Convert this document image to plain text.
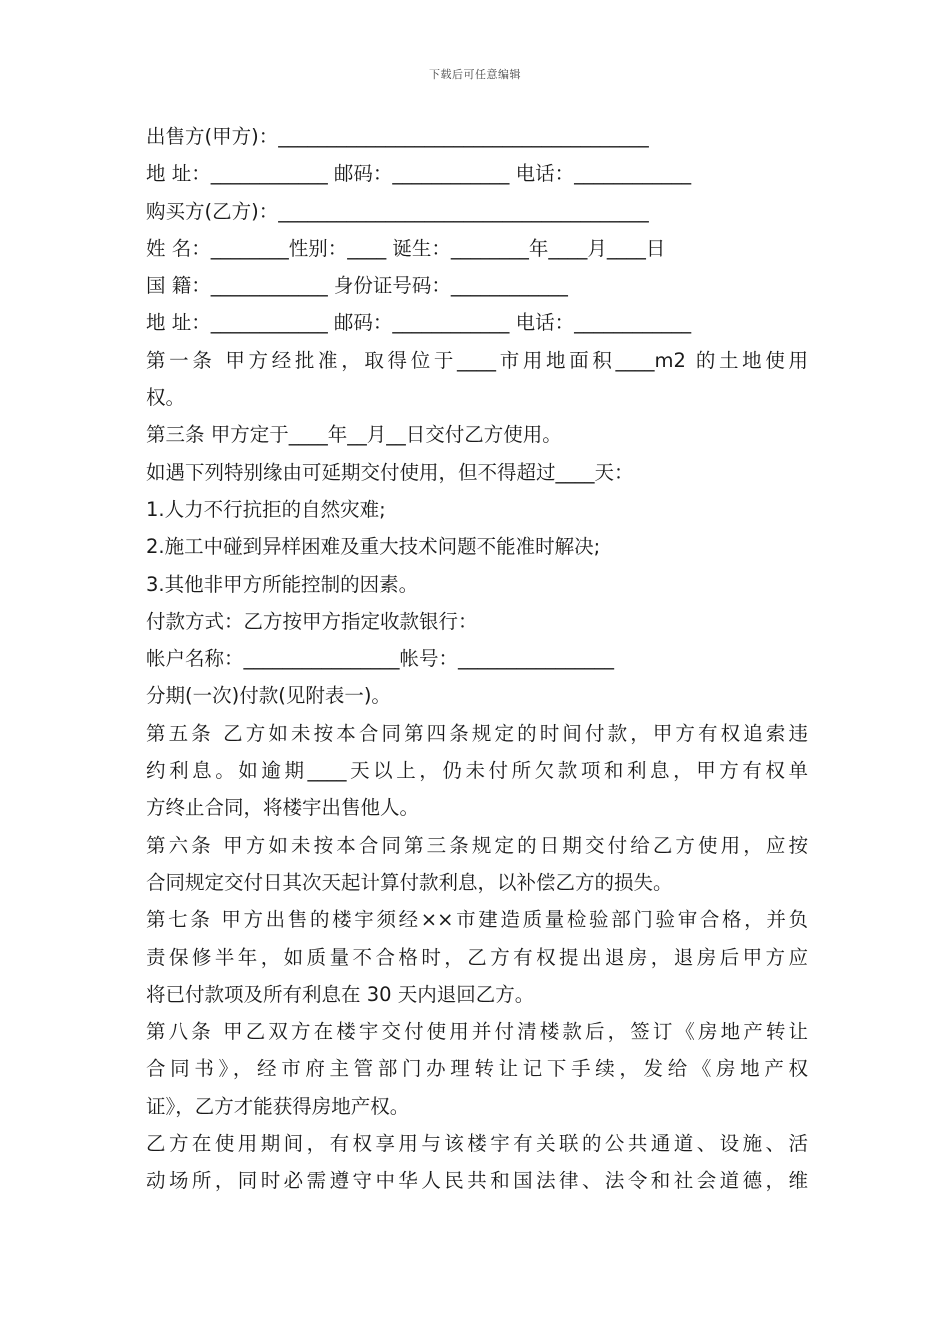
下载后可任意编辑
出售方(甲方)：______________________________________
地 址：____________ 邮码：____________ 电话：____________
购买方(乙方)：______________________________________
姓 名：________性别：____ 诞生：________年____月____日
国 籍：____________ 身份证号码：____________
地 址：____________ 邮码：____________ 电话：____________
第一条 甲方经批准，取得位于____市用地面积____m2 的土地使用
权。
第三条 甲方定于____年__月__日交付乙方使用。
如遇下列特别缘由可延期交付使用，但不得超过____天：
1.人力不行抗拒的自然灾难;
2.施工中碰到异样困难及重大技术问题不能准时解决;
3.其他非甲方所能控制的因素。
付款方式：乙方按甲方指定收款银行：
帐户名称：________________帐号：________________
分期(一次)付款(见附表一)。
第五条 乙方如未按本合同第四条规定的时间付款，甲方有权追索违
约利息。如逾期____天以上，仍未付所欠款项和利息，甲方有权单
方终止合同，将楼宇出售他人。
第六条 甲方如未按本合同第三条规定的日期交付给乙方使用，应按
合同规定交付日其次天起计算付款利息，以补偿乙方的损失。
第七条 甲方出售的楼宇须经××市建造质量检验部门验审合格，并负
责保修半年，如质量不合格时，乙方有权提出退房，退房后甲方应
将已付款项及所有利息在 30 天内退回乙方。
第八条 甲乙双方在楼宇交付使用并付清楼款后，签订《房地产转让
合同书》，经市府主管部门办理转让记下手续，发给《房地产权
证》，乙方才能获得房地产权。
乙方在使用期间，有权享用与该楼宇有关联的公共通道、设施、活
动场所，同时必需遵守中华人民共和国法律、法令和社会道德，维
